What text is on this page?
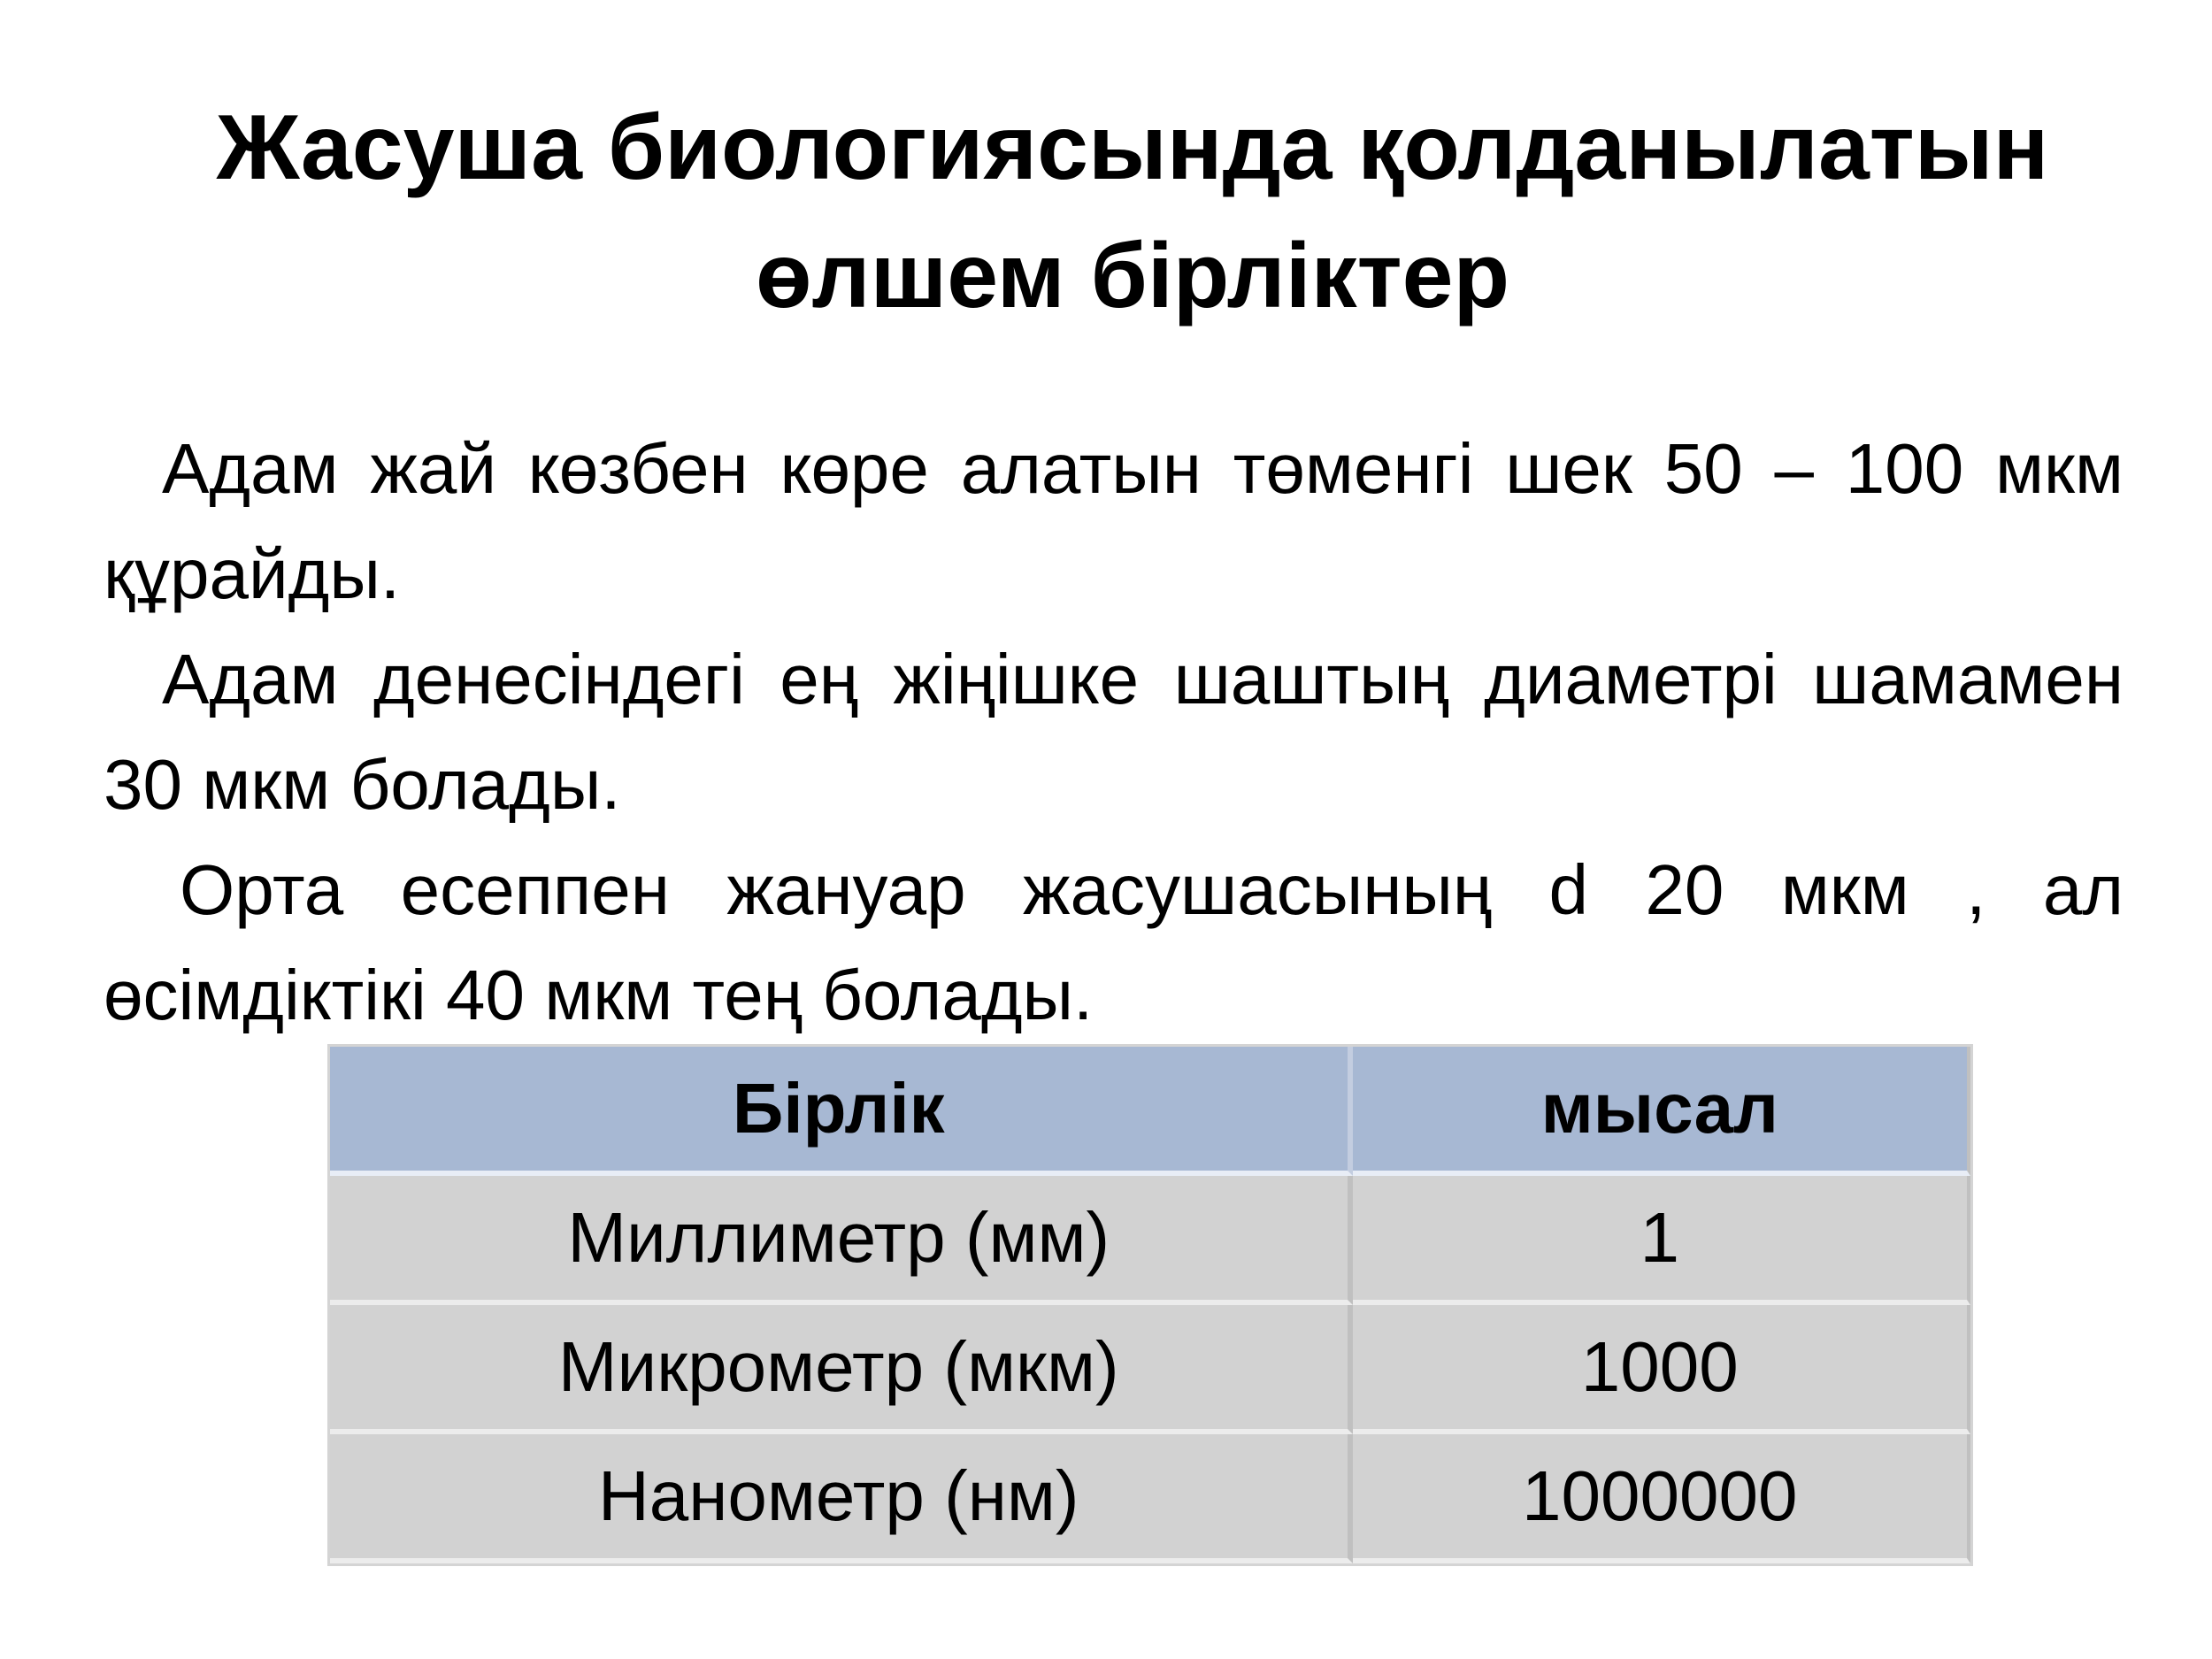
Жасуша биологиясында қолданылатын
өлшем бірліктер

Адам жай көзбен көре алатын төменгі шек 50 – 100 мкм құрайды.

Адам денесіндегі ең жіңішке шаштың диаметрі шамамен 30 мкм болады.

Орта есеппен жануар жасушасының d 20 мкм , ал өсімдіктікі 40 мкм тең болады.

Бірлік	мысал
Миллиметр (мм)	1
Микрометр (мкм)	1000
Нанометр (нм)	1000000
